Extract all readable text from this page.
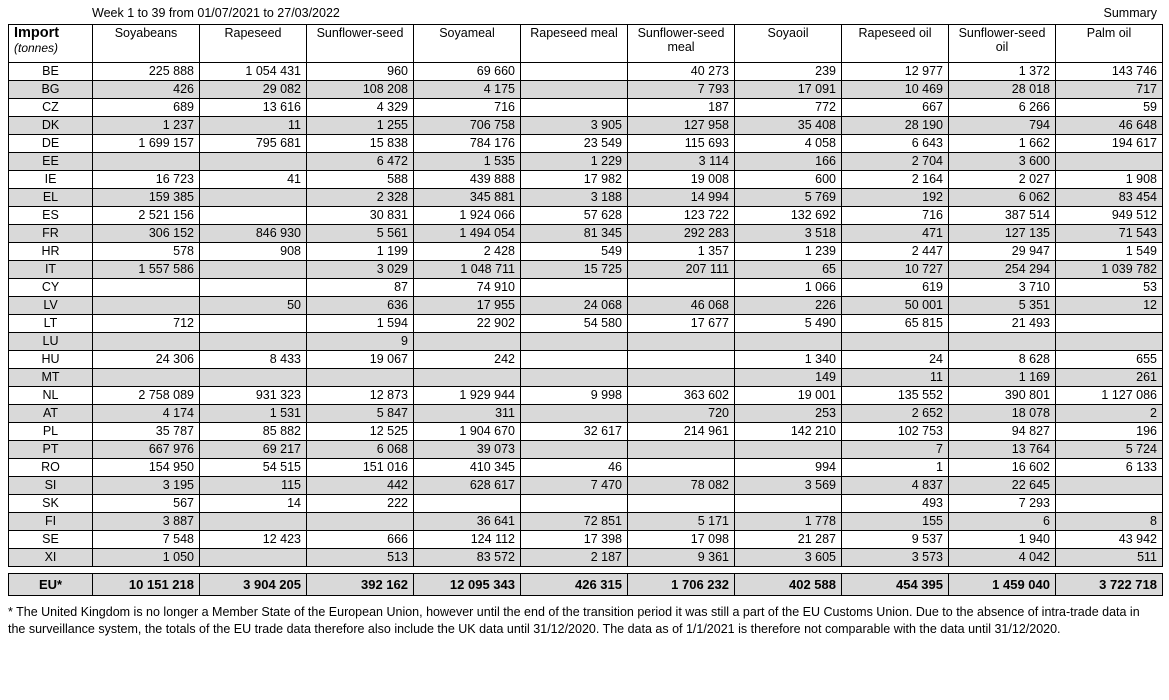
Week 1 to 39 from 01/07/2021 to 27/03/2022	Summary
Import
(tonnes)	Soyabeans	Rapeseed	Sunflower-seed	Soyameal	Rapeseed meal	Sunflower-seed meal	Soyaoil	Rapeseed oil	Sunflower-seed oil	Palm oil
BE	225 888	1 054 431	960	69 660		40 273	239	12 977	1 372	143 746
BG	426	29 082	108 208	4 175		7 793	17 091	10 469	28 018	717
CZ	689	13 616	4 329	716		187	772	667	6 266	59
DK	1 237	11	1 255	706 758	3 905	127 958	35 408	28 190	794	46 648
DE	1 699 157	795 681	15 838	784 176	23 549	115 693	4 058	6 643	1 662	194 617
EE			6 472	1 535	1 229	3 114	166	2 704	3 600	
IE	16 723	41	588	439 888	17 982	19 008	600	2 164	2 027	1 908
EL	159 385		2 328	345 881	3 188	14 994	5 769	192	6 062	83 454
ES	2 521 156		30 831	1 924 066	57 628	123 722	132 692	716	387 514	949 512
FR	306 152	846 930	5 561	1 494 054	81 345	292 283	3 518	471	127 135	71 543
HR	578	908	1 199	2 428	549	1 357	1 239	2 447	29 947	1 549
IT	1 557 586		3 029	1 048 711	15 725	207 111	65	10 727	254 294	1 039 782
CY			87	74 910			1 066	619	3 710	53
LV		50	636	17 955	24 068	46 068	226	50 001	5 351	12
LT	712		1 594	22 902	54 580	17 677	5 490	65 815	21 493	
LU			9							
HU	24 306	8 433	19 067	242			1 340	24	8 628	655
MT							149	11	1 169	261
NL	2 758 089	931 323	12 873	1 929 944	9 998	363 602	19 001	135 552	390 801	1 127 086
AT	4 174	1 531	5 847	311		720	253	2 652	18 078	2
PL	35 787	85 882	12 525	1 904 670	32 617	214 961	142 210	102 753	94 827	196
PT	667 976	69 217	6 068	39 073				7	13 764	5 724
RO	154 950	54 515	151 016	410 345	46		994	1	16 602	6 133
SI	3 195	115	442	628 617	7 470	78 082	3 569	4 837	22 645	
SK	567	14	222					493	7 293	
FI	3 887			36 641	72 851	5 171	1 778	155	6	8
SE	7 548	12 423	666	124 112	17 398	17 098	21 287	9 537	1 940	43 942
XI	1 050		513	83 572	2 187	9 361	3 605	3 573	4 042	511
EU*	10 151 218	3 904 205	392 162	12 095 343	426 315	1 706 232	402 588	454 395	1 459 040	3 722 718
* The United Kingdom is no longer a Member State of the European Union, however until the end of the transition period it was still a part of the EU Customs Union. Due to the absence of intra-trade data in the surveillance system, the totals of the EU trade data therefore also include the UK data until 31/12/2020. The data as of 1/1/2021 is therefore not comparable with the data until 31/12/2020.
